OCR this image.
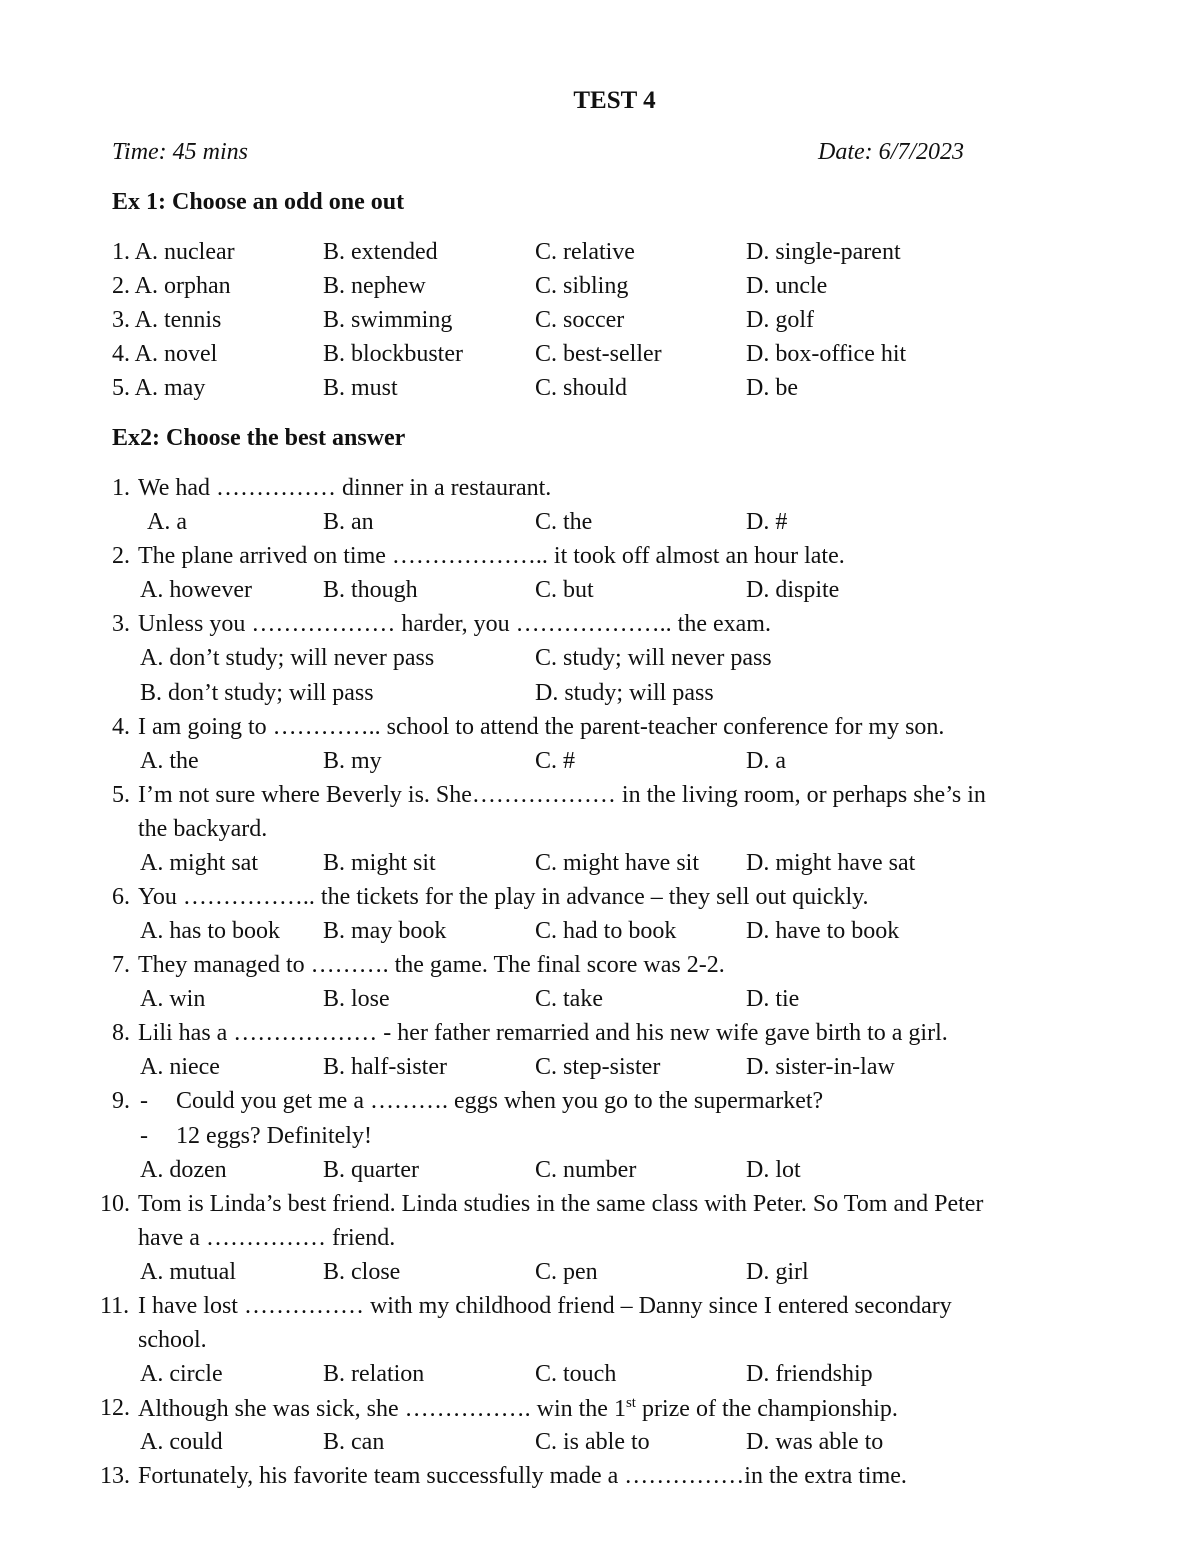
TEST 4
Time: 45 mins	Date: 6/7/2023
Ex 1: Choose an odd one out
1. A. nuclear	B. extended	C. relative	D. single-parent
2. A. orphan	B. nephew	C. sibling	D. uncle
3. A. tennis	B. swimming	C. soccer	D. golf
4. A. novel	B. blockbuster	C. best-seller	D. box-office hit
5. A. may	B. must	C. should	D. be
Ex2: Choose the best answer
1. We had …………… dinner in a restaurant.
A. a	B. an	C. the	D. #
2. The plane arrived on time ……………….. it took off almost an hour late.
A. however	B. though	C. but	D. dispite
3. Unless you ……………… harder, you ……………….. the exam.
A. don’t study; will never pass	C. study; will never pass
B. don’t study; will pass	D. study; will pass
4. I am going to ………….. school to attend the parent-teacher conference for my son.
A. the	B. my	C. #	D. a
5. I’m not sure where Beverly is. She……………… in the living room, or perhaps she’s in
the backyard.
A. might sat	B. might sit	C. might have sit D. might have sat
6. You …………….. the tickets for the play in advance – they sell out quickly.
A. has to book B. may book	C. had to book	D. have to book
7. They managed to ………. the game. The final score was 2-2.
A. win	B. lose	C. take	D. tie
8. Lili has a ……………… - her father remarried and his new wife gave birth to a girl.
A. niece	B. half-sister	C. step-sister	D. sister-in-law
9. - Could you get me a ………. eggs when you go to the supermarket?
- 12 eggs? Definitely!
A. dozen	B. quarter	C. number	D. lot
10. Tom is Linda’s best friend. Linda studies in the same class with Peter. So Tom and Peter
have a …………… friend.
A. mutual	B. close	C. pen	D. girl
11. I have lost …………… with my childhood friend – Danny since I entered secondary
school.
A. circle	B. relation	C. touch	D. friendship
12. Although she was sick, she ……………. win the 1st prize of the championship.
A. could	B. can	C. is able to	D. was able to
13. Fortunately, his favorite team successfully made a ……………in the extra time.
